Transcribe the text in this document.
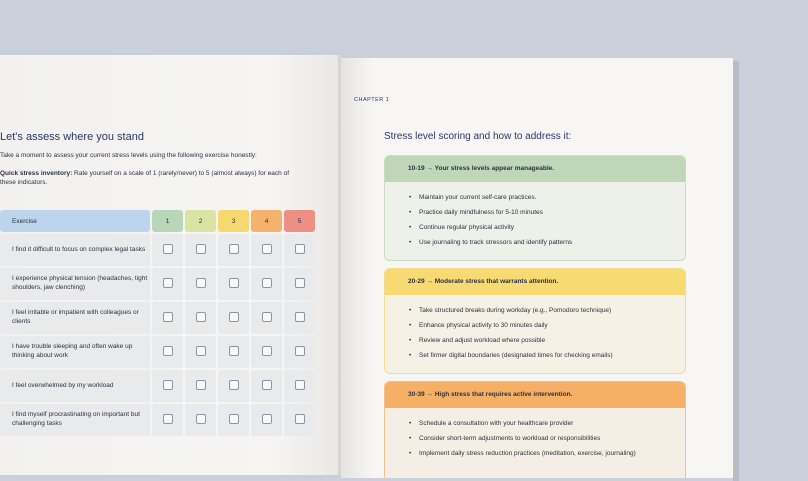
Let's assess where you stand
Take a moment to assess your current stress levels using the following exercise honestly:
Quick stress inventory: Rate yourself on a scale of 1 (rarely/never) to 5 (almost always) for each of these indicators.
Exercise	1	2	3	4	5
I find it difficult to focus on complex legal tasks					
I experience physical tension (headaches, tight shoulders, jaw clenching)					
I feel irritable or impatient with colleagues or clients					
I have trouble sleeping and often wake up thinking about work					
I feel overwhelmed by my workload					
I find myself procrastinating on important but challenging tasks					
CHAPTER 1
Stress level scoring and how to address it:
10-19 → Your stress levels appear manageable.
• Maintain your current self-care practices.
• Practice daily mindfulness for 5-10 minutes
• Continue regular physical activity
• Use journaling to track stressors and identify patterns
20-29 → Moderate stress that warrants attention.
• Take structured breaks during workday (e.g., Pomodoro technique)
• Enhance physical activity to 30 minutes daily
• Review and adjust workload where possible
• Set firmer digital boundaries (designated times for checking emails)
30-39 → High stress that requires active intervention.
• Schedule a consultation with your healthcare provider
• Consider short-term adjustments to workload or responsibilities
• Implement daily stress reduction practices (meditation, exercise, journaling)
